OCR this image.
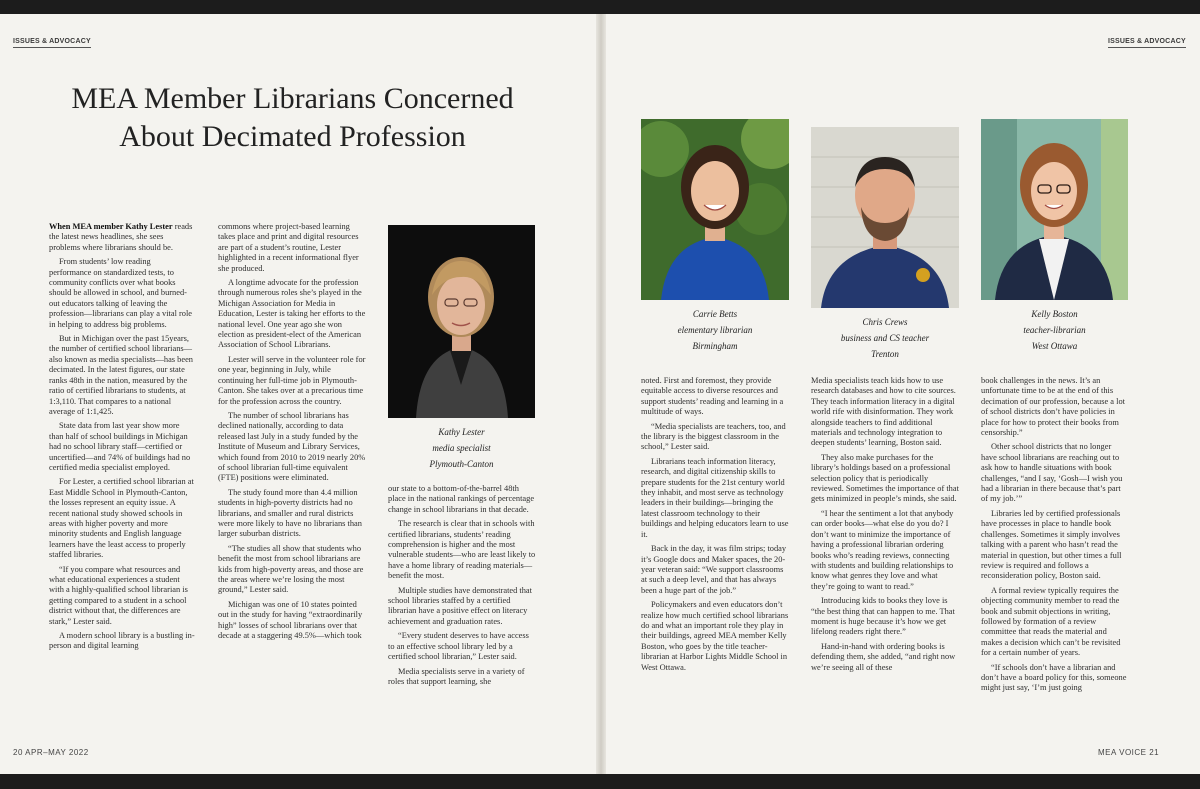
ISSUES & ADVOCACY	ISSUES & ADVOCACY
MEA Member Librarians Concerned
About Decimated Profession

When MEA member Kathy Lester reads the latest news headlines, she sees problems where librarians should be.

From students’ low reading performance on standardized tests, to community conflicts over what books should be allowed in school, and burned-out educators talking of leaving the profession—librarians can play a vital role in helping to address big problems.

But in Michigan over the past 15years, the number of certified school librarians—also known as media specialists—has been decimated. In the latest figures, our state ranks 48th in the nation, measured by the ratio of certified librarians to students, at 1:3,110. That compares to a national average of 1:1,425.

State data from last year show more than half of school buildings in Michigan had no school library staff—certified or uncertified—and 74% of buildings had no certified media specialist employed.

For Lester, a certified school librarian at East Middle School in Plymouth-Canton, the losses represent an equity issue. A recent national study showed schools in areas with higher poverty and more minority students and English language learners have the least access to properly staffed libraries.

“If you compare what resources and what educational experiences a student with a highly-qualified school librarian is getting compared to a student in a school district without that, the differences are stark,” Lester said.

A modern school library is a bustling in-person and digital learning

commons where project-based learning takes place and print and digital resources are part of a student’s routine, Lester highlighted in a recent informational flyer she produced.

A longtime advocate for the profession through numerous roles she’s played in the Michigan Association for Media in Education, Lester is taking her efforts to the national level. One year ago she won election as president-elect of the American Association of School Librarians.

Lester will serve in the volunteer role for one year, beginning in July, while continuing her full-time job in Plymouth-Canton. She takes over at a precarious time for the profession across the country.

The number of school librarians has declined nationally, according to data released last July in a study funded by the Institute of Museum and Library Services, which found from 2010 to 2019 nearly 20% of school librarian full-time equivalent (FTE) positions were eliminated.

The study found more than 4.4 million students in high-poverty districts had no librarians, and smaller and rural districts were more likely to have no librarians than larger suburban districts.

“The studies all show that students who benefit the most from school librarians are kids from high-poverty areas, and those are the areas where we’re losing the most ground,” Lester said.

Michigan was one of 10 states pointed out in the study for having “extraordinarily high” losses of school librarians over that decade at a staggering 49.5%—which took

Kathy Lester
media specialist
Plymouth-Canton

our state to a bottom-of-the-barrel 48th place in the national rankings of percentage change in school librarians in that decade.

The research is clear that in schools with certified librarians, students’ reading comprehension is higher and the most vulnerable students—who are least likely to have a home library of reading materials—benefit the most.

Multiple studies have demonstrated that school libraries staffed by a certified librarian have a positive effect on literacy achievement and graduation rates.

“Every student deserves to have access to an effective school library led by a certified school librarian,” Lester said.

Media specialists serve in a variety of roles that support learning, she

Carrie Betts
elementary librarian
Birmingham
Chris Crews
business and CS teacher
Trenton
Kelly Boston
teacher-librarian
West Ottawa

noted. First and foremost, they provide equitable access to diverse resources and support students’ reading and learning in a multitude of ways.

“Media specialists are teachers, too, and the library is the biggest classroom in the school,” Lester said.

Librarians teach information literacy, research, and digital citizenship skills to prepare students for the 21st century world they inhabit, and most serve as technology leaders in their buildings—bringing the latest classroom technology to their buildings and helping educators learn to use it.

Back in the day, it was film strips; today it’s Google docs and Maker spaces, the 20-year veteran said: “We support classrooms at such a deep level, and that has always been a huge part of the job.”

Policymakers and even educators don’t realize how much certified school librarians do and what an important role they play in their buildings, agreed MEA member Kelly Boston, who goes by the title teacher-librarian at Harbor Lights Middle School in West Ottawa.

Media specialists teach kids how to use research databases and how to cite sources. They teach information literacy in a digital world rife with disinformation. They work alongside teachers to find additional materials and technology integration to deepen students’ learning, Boston said.

They also make purchases for the library’s holdings based on a professional selection policy that is periodically reviewed. Sometimes the importance of that gets minimized in people’s minds, she said.

“I hear the sentiment a lot that anybody can order books—what else do you do? I don’t want to minimize the importance of having a professional librarian ordering books who’s reading reviews, connecting with students and building relationships to know what genres they love and what they’re going to want to read.”

Introducing kids to books they love is “the best thing that can happen to me. That moment is huge because it’s how we get lifelong readers right there.”

Hand-in-hand with ordering books is defending them, she added, “and right now we’re seeing all of these

book challenges in the news. It’s an unfortunate time to be at the end of this decimation of our profession, because a lot of school districts don’t have policies in place for how to protect their books from censorship.”

Other school districts that no longer have school librarians are reaching out to ask how to handle situations with book challenges, “and I say, ‘Gosh—I wish you had a librarian in there because that’s part of my job.’”

Libraries led by certified professionals have processes in place to handle book challenges. Sometimes it simply involves talking with a parent who hasn’t read the material in question, but other times a full review is required and follows a reconsideration policy, Boston said.

A formal review typically requires the objecting community member to read the book and submit objections in writing, followed by formation of a review committee that reads the material and makes a decision which can’t be revisited for a certain number of years.

“If schools don’t have a librarian and don’t have a board policy for this, someone might just say, ‘I’m just going

20 APR–MAY 2022	MEA VOICE 21
